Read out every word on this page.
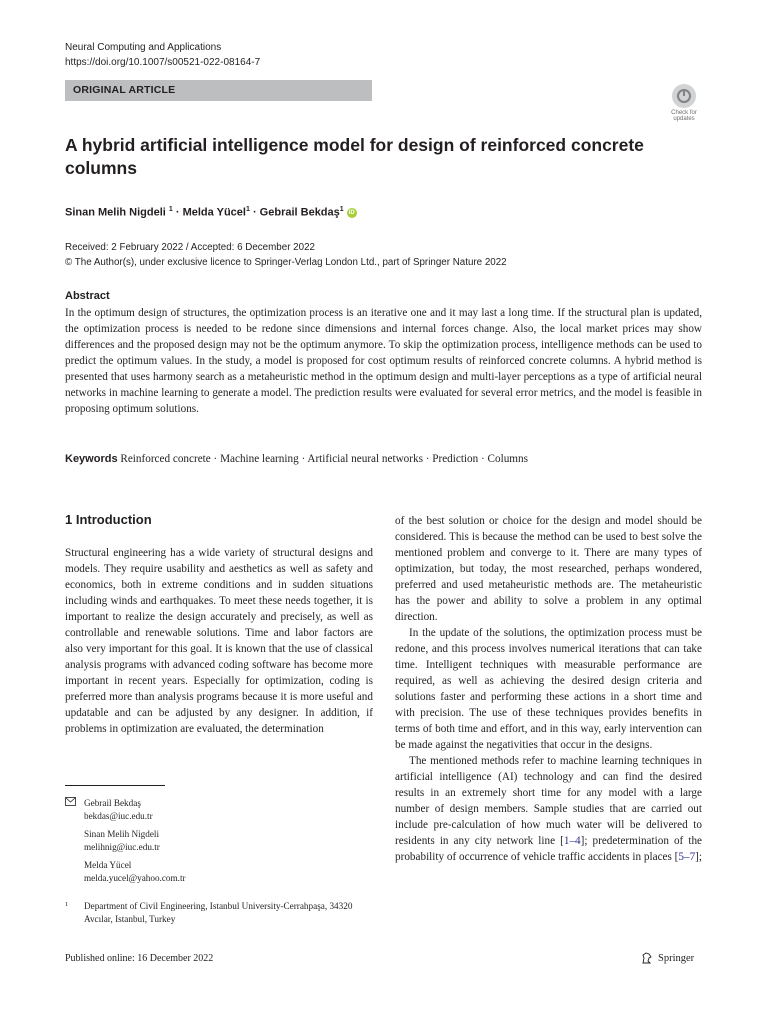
Neural Computing and Applications
https://doi.org/10.1007/s00521-022-08164-7
ORIGINAL ARTICLE
Check for updates
A hybrid artificial intelligence model for design of reinforced concrete columns
Sinan Melih Nigdeli $^1$ · Melda Yücel$^1$ · Gebrail Bekdaş$^1$ iD
Received: 2 February 2022 / Accepted: 6 December 2022
© The Author(s), under exclusive licence to Springer-Verlag London Ltd., part of Springer Nature 2022
Abstract
In the optimum design of structures, the optimization process is an iterative one and it may last a long time. If the structural plan is updated, the optimization process is needed to be redone since dimensions and internal forces change. Also, the local market prices may show differences and the proposed design may not be the optimum anymore. To skip the optimization process, intelligence methods can be used to predict the optimum values. In the study, a model is proposed for cost optimum results of reinforced concrete columns. A hybrid method is presented that uses harmony search as a metaheuristic method in the optimum design and multi-layer perceptions as a type of artificial neural networks in machine learning to generate a model. The prediction results were evaluated for several error metrics, and the model is feasible in proposing optimum solutions.
Keywords Reinforced concrete · Machine learning · Artificial neural networks · Prediction · Columns
1 Introduction

Structural engineering has a wide variety of structural designs and models. They require usability and aesthetics as well as safety and economics, both in extreme conditions and in sudden situations including winds and earthquakes. To meet these needs together, it is important to realize the design accurately and precisely, as well as controllable and renewable solutions. Time and labor factors are also very important for this goal. It is known that the use of classical analysis programs with advanced coding software has become more important in recent years. Especially for optimization, coding is preferred more than analysis programs because it is more useful and updatable and can be adjusted by any designer. In addition, if problems in optimization are evaluated, the determination

of the best solution or choice for the design and model should be considered. This is because the method can be used to best solve the mentioned problem and converge to it. There are many types of optimization, but today, the most researched, perhaps wondered, preferred and used metaheuristic methods are. The metaheuristic has the power and ability to solve a problem in any optimal direction.

In the update of the solutions, the optimization process must be redone, and this process involves numerical iterations that can take time. Intelligent techniques with measurable performance are required, as well as achieving the desired design criteria and solutions faster and performing these actions in a short time and with precision. The use of these techniques provides benefits in terms of both time and effort, and in this way, early intervention can be made against the negativities that occur in the designs.

The mentioned methods refer to machine learning techniques in artificial intelligence (AI) technology and can find the desired results in an extremely short time for any model with a large number of design members. Sample studies that are carried out include pre-calculation of how much water will be delivered to residents in any city network line [1–4]; predetermination of the probability of occurrence of vehicle traffic accidents in places [5–7];

Gebrail Bekdaş
bekdas@iuc.edu.tr
Sinan Melih Nigdeli
melihnig@iuc.edu.tr
Melda Yücel
melda.yucel@yahoo.com.tr
1 Department of Civil Engineering, Istanbul University-Cerrahpaşa, 34320 Avcılar, Istanbul, Turkey
Published online: 16 December 2022	Springer
